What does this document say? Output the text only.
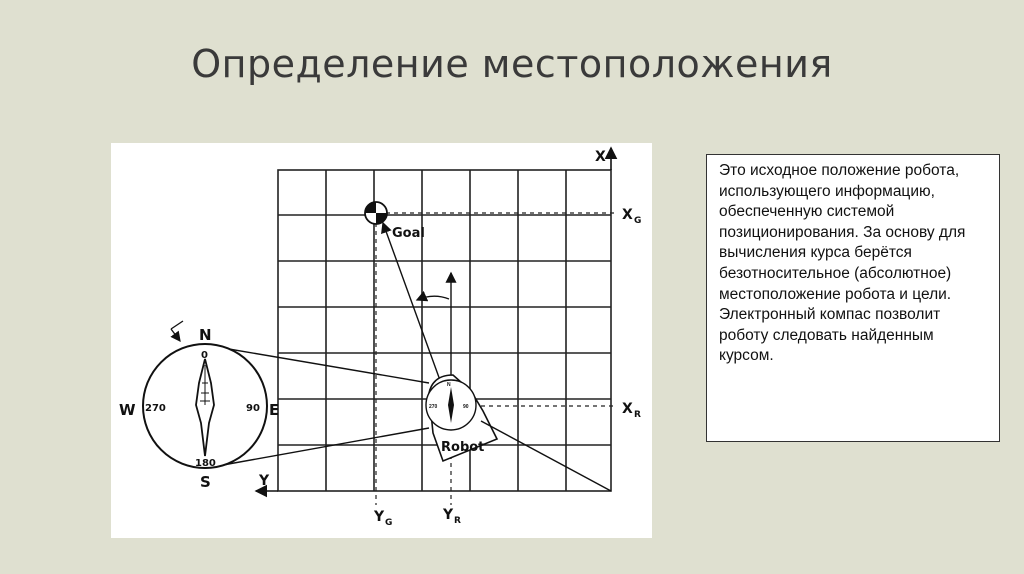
Определение местоположения
X
Y
X G
X R
Y G	Y R
Goal
N
270	90
Robot
N
S
W	E
0
90
180
270
Это исходное положение робота, использующего информацию, обеспеченную системой позиционирования. За основу для вычисления курса берётся безотносительное (абсолютное) местоположение робота и цели. Электронный компас позволит роботу следовать найденным курсом.
